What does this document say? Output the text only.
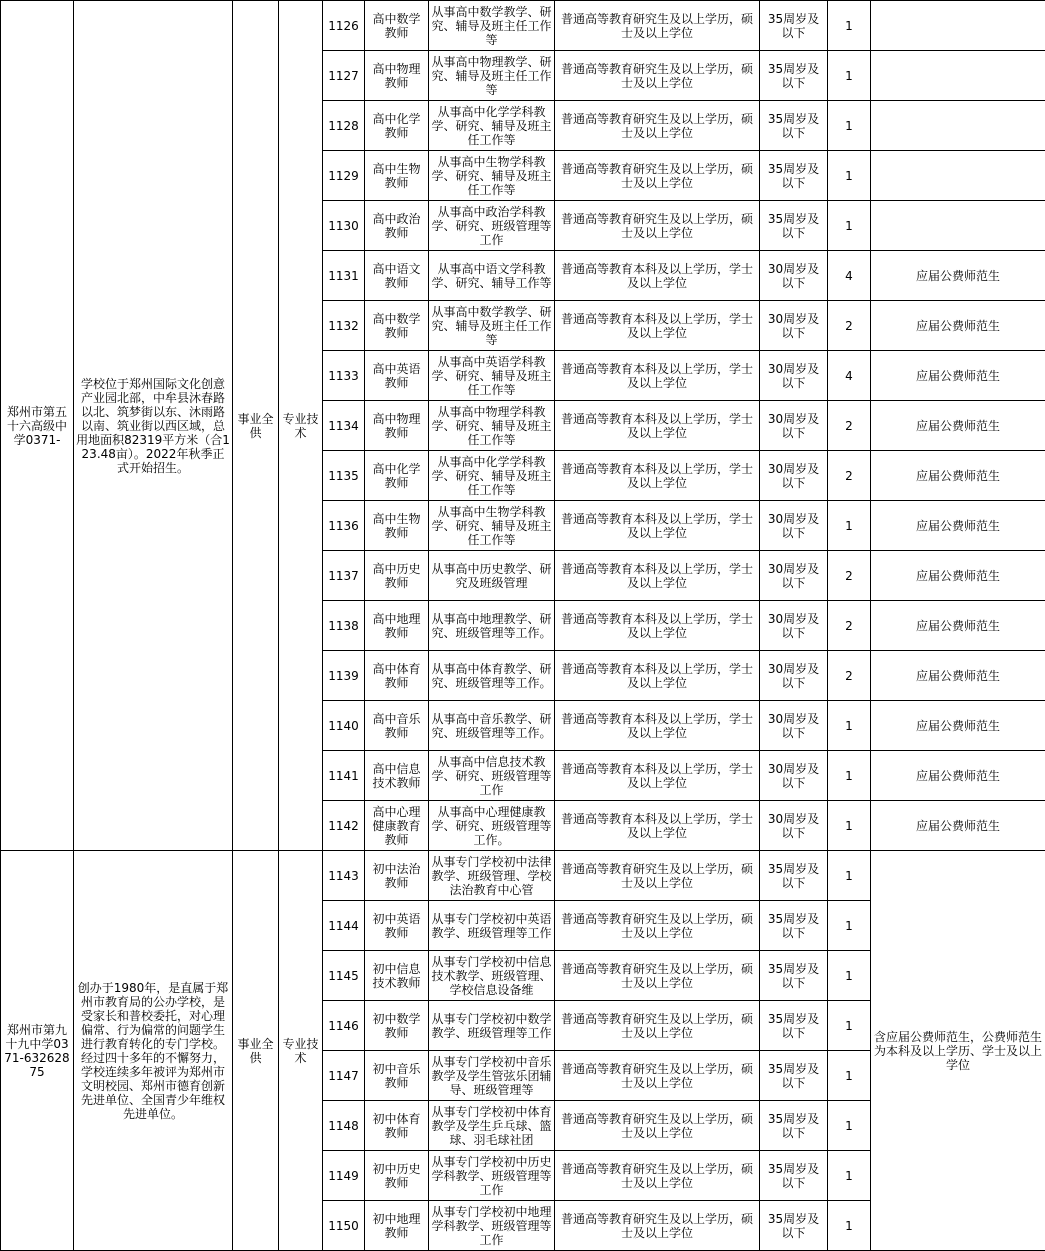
郑州市第五十六高级中学0371-	学校位于郑州国际文化创意产业园北部，中牟县沐春路以北、筑梦街以东、沐雨路以南、筑业街以西区域，总用地面积82319平方米（合123.48亩）。2022年秋季正式开始招生。	事业全供	专业技术	1126	高中数学教师	从事高中数学教学、研究、辅导及班主任工作等	普通高等教育研究生及以上学历，硕士及以上学位	35周岁及以下	1	
				1127	高中物理教师	从事高中物理教学、研究、辅导及班主任工作等	普通高等教育研究生及以上学历，硕士及以上学位	35周岁及以下	1	
				1128	高中化学教师	从事高中化学学科教学、研究、辅导及班主任工作等	普通高等教育研究生及以上学历，硕士及以上学位	35周岁及以下	1	
				1129	高中生物教师	从事高中生物学科教学、研究、辅导及班主任工作等	普通高等教育研究生及以上学历，硕士及以上学位	35周岁及以下	1	
				1130	高中政治教师	从事高中政治学科教学、研究、班级管理等工作	普通高等教育研究生及以上学历，硕士及以上学位	35周岁及以下	1	
				1131	高中语文教师	从事高中语文学科教学、研究、辅导工作等	普通高等教育本科及以上学历，学士及以上学位	30周岁及以下	4	应届公费师范生
				1132	高中数学教师	从事高中数学教学、研究、辅导及班主任工作等	普通高等教育本科及以上学历，学士及以上学位	30周岁及以下	2	应届公费师范生
				1133	高中英语教师	从事高中英语学科教学、研究、辅导及班主任工作等	普通高等教育本科及以上学历，学士及以上学位	30周岁及以下	4	应届公费师范生
				1134	高中物理教师	从事高中物理学科教学、研究、辅导及班主任工作等	普通高等教育本科及以上学历，学士及以上学位	30周岁及以下	2	应届公费师范生
				1135	高中化学教师	从事高中化学学科教学、研究、辅导及班主任工作等	普通高等教育本科及以上学历，学士及以上学位	30周岁及以下	2	应届公费师范生
				1136	高中生物教师	从事高中生物学科教学、研究、辅导及班主任工作等	普通高等教育本科及以上学历，学士及以上学位	30周岁及以下	1	应届公费师范生
				1137	高中历史教师	从事高中历史教学、研究及班级管理	普通高等教育本科及以上学历，学士及以上学位	30周岁及以下	2	应届公费师范生
				1138	高中地理教师	从事高中地理教学、研究、班级管理等工作。	普通高等教育本科及以上学历，学士及以上学位	30周岁及以下	2	应届公费师范生
				1139	高中体育教师	从事高中体育教学、研究、班级管理等工作。	普通高等教育本科及以上学历，学士及以上学位	30周岁及以下	2	应届公费师范生
				1140	高中音乐教师	从事高中音乐教学、研究、班级管理等工作。	普通高等教育本科及以上学历，学士及以上学位	30周岁及以下	1	应届公费师范生
				1141	高中信息技术教师	从事高中信息技术教学、研究、班级管理等工作	普通高等教育本科及以上学历，学士及以上学位	30周岁及以下	1	应届公费师范生
				1142	高中心理健康教育教师	从事高中心理健康教学、研究、班级管理等工作。	普通高等教育本科及以上学历，学士及以上学位	30周岁及以下	1	应届公费师范生
郑州市第九十九中学0371-63262875	创办于1980年，是直属于郑州市教育局的公办学校，是受家长和普校委托，对心理偏常、行为偏常的问题学生进行教育转化的专门学校。经过四十多年的不懈努力，学校连续多年被评为郑州市文明校园、郑州市德育创新先进单位、全国青少年维权先进单位。	事业全供	专业技术	1143	初中法治教师	从事专门学校初中法律教学、班级管理、学校法治教育中心管	普通高等教育研究生及以上学历，硕士及以上学位	35周岁及以下	1	含应届公费师范生，公费师范生为本科及以上学历、学士及以上学位
				1144	初中英语教师	从事专门学校初中英语教学、班级管理等工作	普通高等教育研究生及以上学历，硕士及以上学位	35周岁及以下	1	
				1145	初中信息技术教师	从事专门学校初中信息技术教学、班级管理、学校信息设备维	普通高等教育研究生及以上学历，硕士及以上学位	35周岁及以下	1	
				1146	初中数学教师	从事专门学校初中数学教学、班级管理等工作	普通高等教育研究生及以上学历，硕士及以上学位	35周岁及以下	1	
				1147	初中音乐教师	从事专门学校初中音乐教学及学生管弦乐团辅导、班级管理等	普通高等教育研究生及以上学历，硕士及以上学位	35周岁及以下	1	
				1148	初中体育教师	从事专门学校初中体育教学及学生乒乓球、篮球、羽毛球社团	普通高等教育研究生及以上学历，硕士及以上学位	35周岁及以下	1	
				1149	初中历史教师	从事专门学校初中历史学科教学、班级管理等工作	普通高等教育研究生及以上学历，硕士及以上学位	35周岁及以下	1	
				1150	初中地理教师	从事专门学校初中地理学科教学、班级管理等工作	普通高等教育研究生及以上学历，硕士及以上学位	35周岁及以下	1	
